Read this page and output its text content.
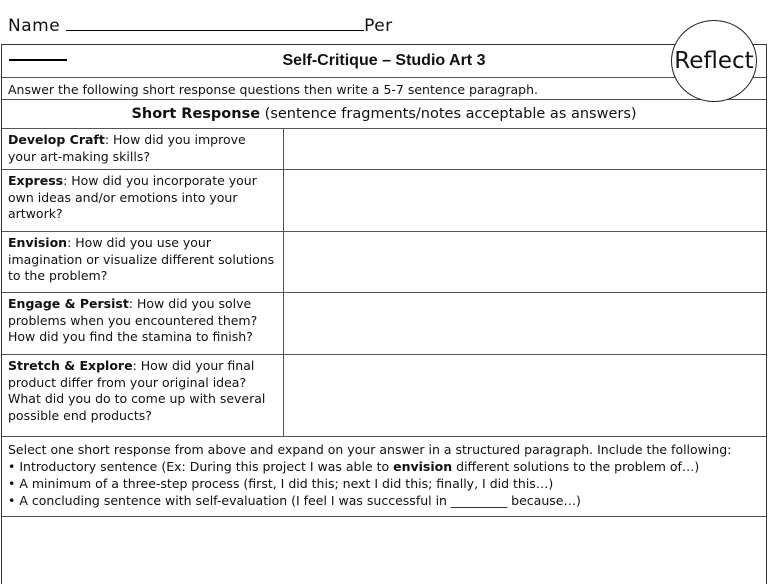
Name	Per
Self-Critique – Studio Art 3
Answer the following short response questions then write a 5-7 sentence paragraph.
Short Response (sentence fragments/notes acceptable as answers)
Develop Craft: How did you improve your art-making skills?
Express: How did you incorporate your own ideas and/or emotions into your artwork?
Envision: How did you use your imagination or visualize different solutions to the problem?
Engage & Persist: How did you solve problems when you encountered them? How did you find the stamina to finish?
Stretch & Explore: How did your final product differ from your original idea? What did you do to come up with several possible end products?
Select one short response from above and expand on your answer in a structured paragraph. Include the following:
• Introductory sentence (Ex: During this project I was able to envision different solutions to the problem of…)
• A minimum of a three-step process (first, I did this; next I did this; finally, I did this…)
• A concluding sentence with self-evaluation (I feel I was successful in _________ because…)
Reflect
